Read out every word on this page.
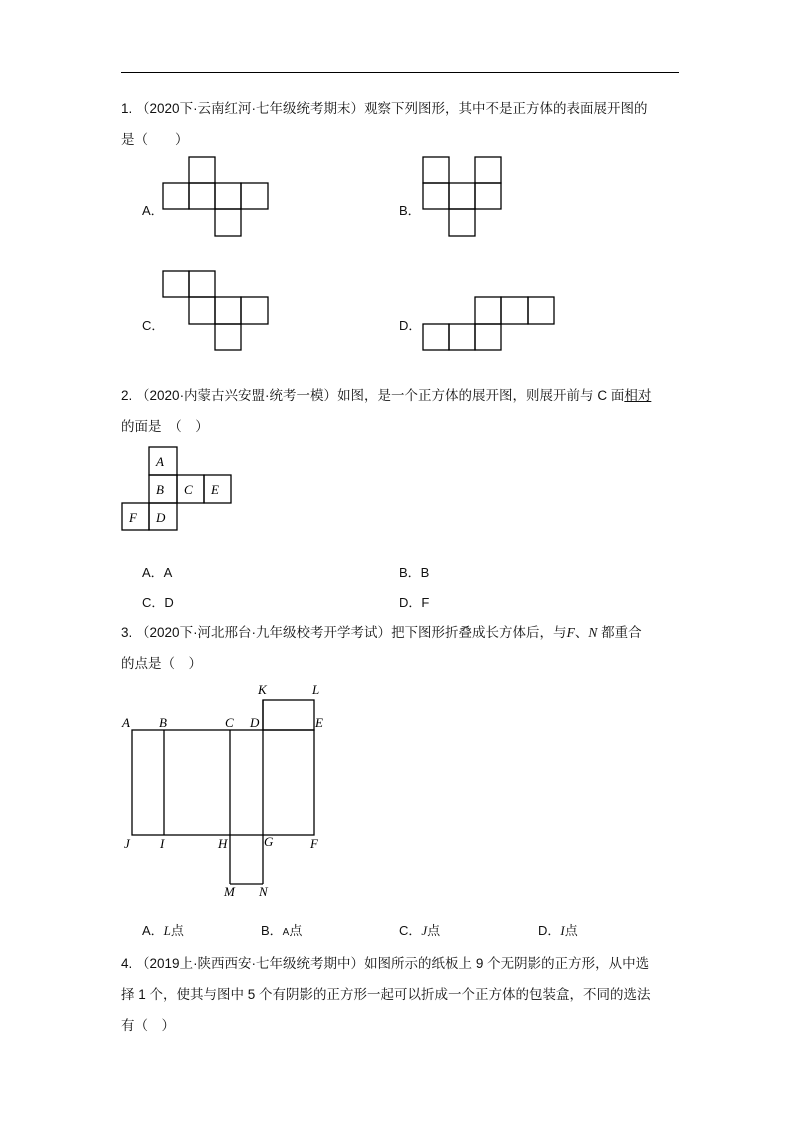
1. （2020下·云南红河·七年级统考期末）观察下列图形，其中不是正方体的表面展开图的
是（　　）
A．	B．
C．	D．
A
B C E
F D
K	L
A B	C D	E
J I	H	G	F
M N
2. （2020·内蒙古兴安盟·统考一模）如图，是一个正方体的展开图，则展开前与 C 面相对
的面是　（　）
A．A	B．B
C．D	D．F
3. （2020下·河北邢台·九年级校考开学考试）把下图形折叠成长方体后，与F、N 都重合
的点是（　）
A．L点	B．A点	C．J点	D．I点
4. （2019上·陕西西安·七年级统考期中）如图所示的纸板上 9 个无阴影的正方形，从中选
择 1 个，使其与图中 5 个有阴影的正方形一起可以折成一个正方体的包装盒，不同的选法
有（　）
